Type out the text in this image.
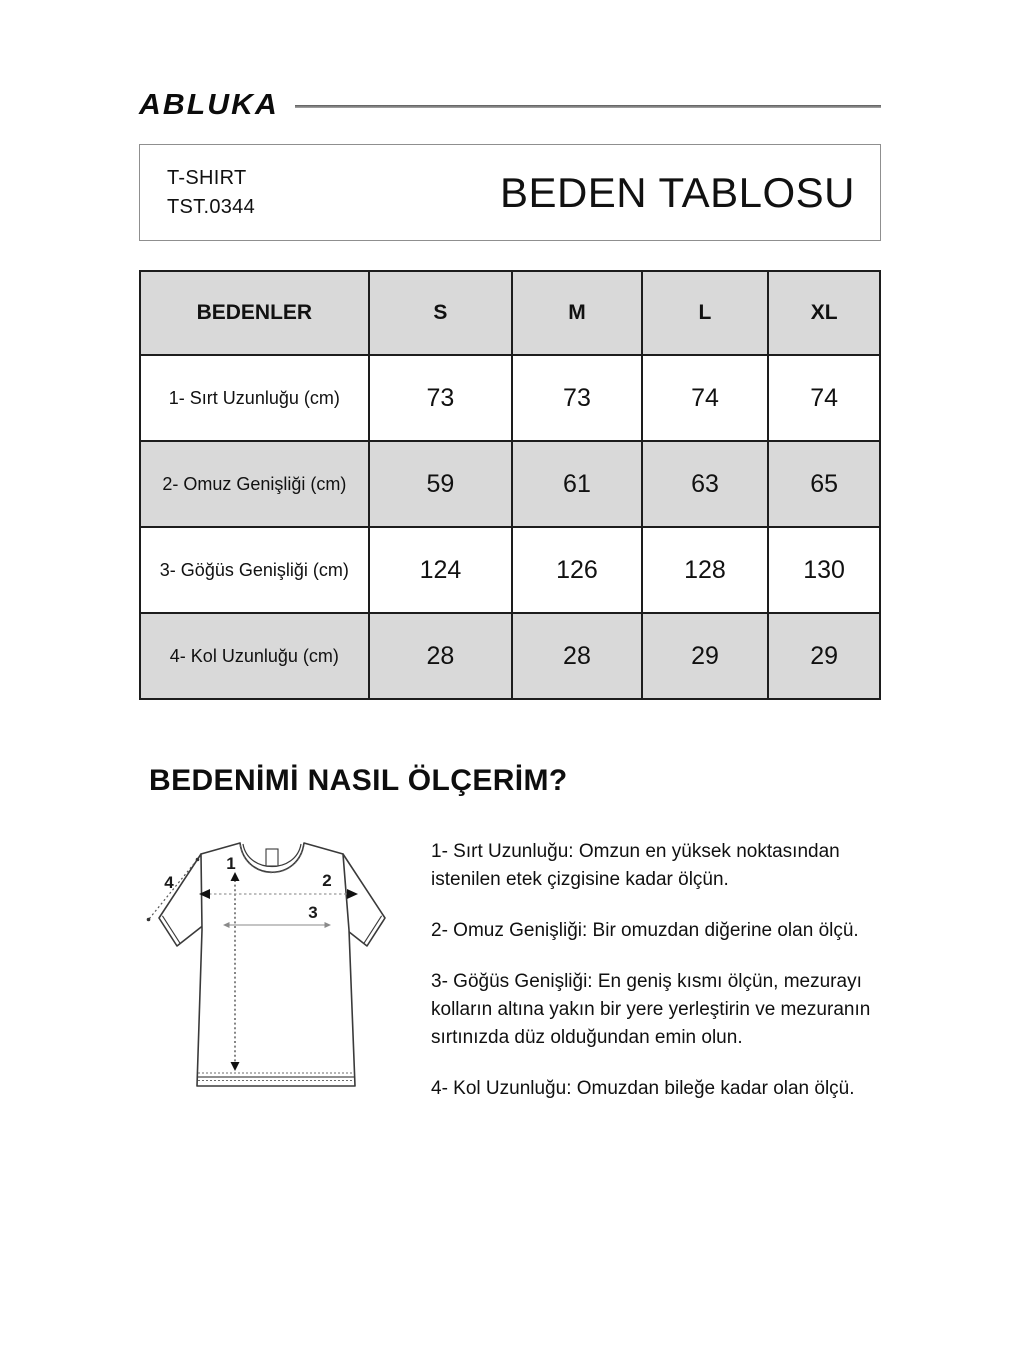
ABLUKA
T-SHIRT
TST.0344	BEDEN TABLOSU
BEDENLER	S	M	L	XL
1- Sırt Uzunluğu (cm)	73	73	74	74
2- Omuz Genişliği (cm)	59	61	63	65
3- Göğüs Genişliği (cm)	124	126	128	130
4- Kol Uzunluğu (cm)	28	28	29	29
BEDENİMİ NASIL ÖLÇERİM?
1
2
3
4

1- Sırt Uzunluğu: Omzun en yüksek noktasından istenilen etek çizgisine kadar ölçün.

2- Omuz Genişliği: Bir omuzdan diğerine olan ölçü.

3- Göğüs Genişliği: En geniş kısmı ölçün, mezurayı kolların altına yakın bir yere yerleştirin ve mezuranın sırtınızda düz olduğundan emin olun.

4- Kol Uzunluğu: Omuzdan bileğe kadar olan ölçü.
